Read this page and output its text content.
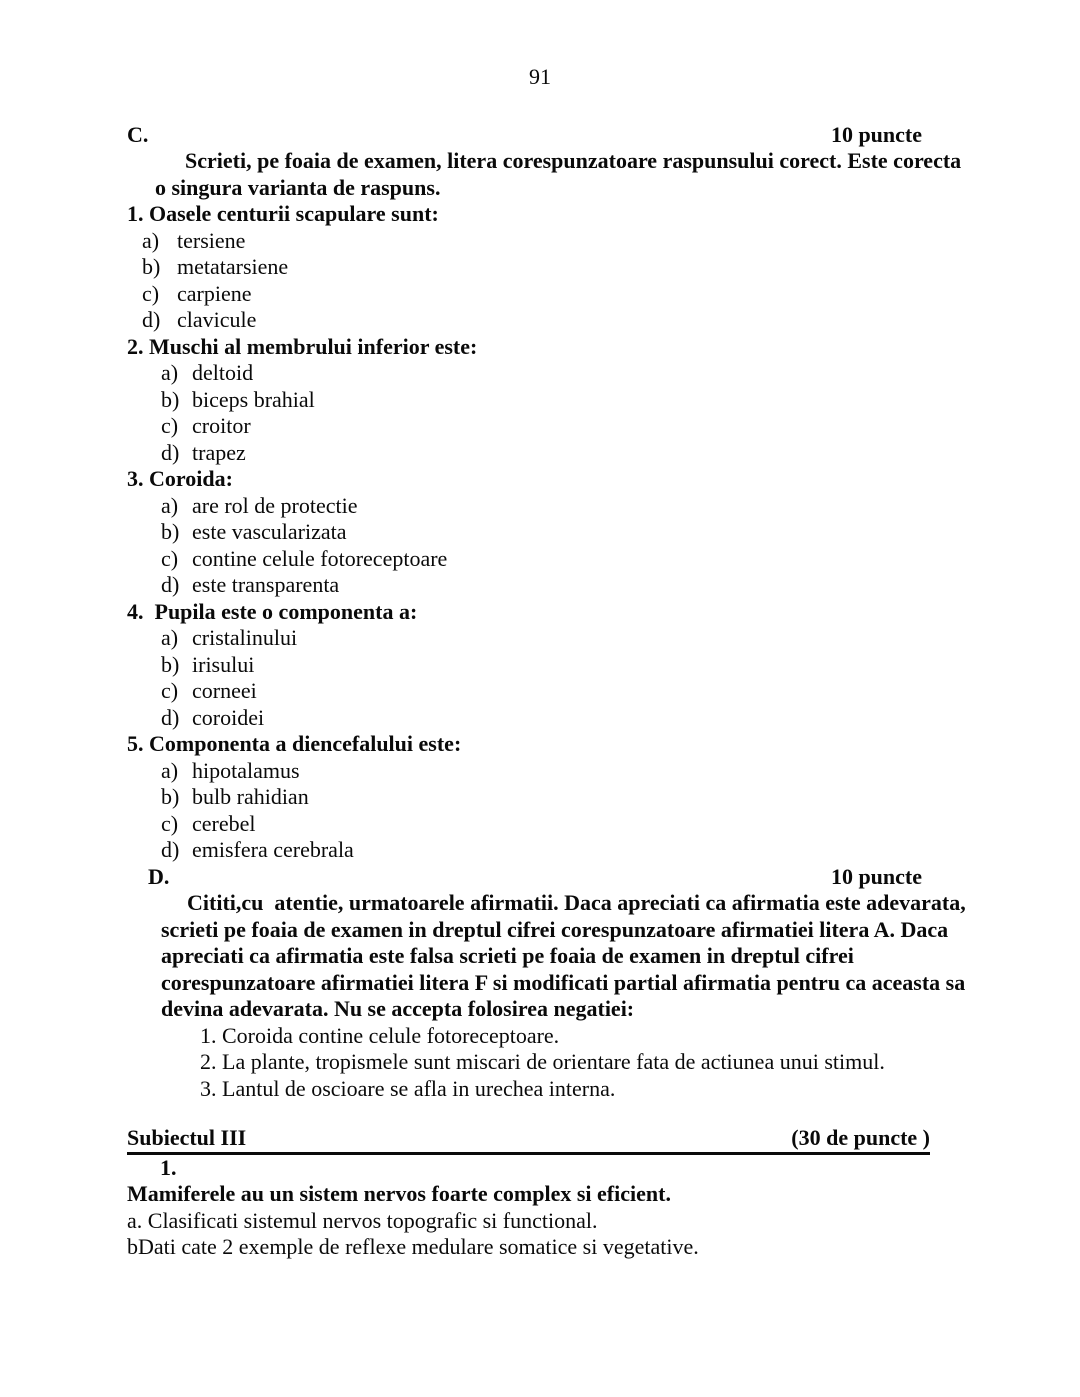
91
C.	10 puncte
Scrieti, pe foaia de examen, litera corespunzatoare raspunsului corect. Este corecta
o singura varianta de raspuns.
1. Oasele centurii scapulare sunt:
a) tersiene
b) metatarsiene
c) carpiene
d) clavicule
2. Muschi al membrului inferior este:
a) deltoid
b) biceps brahial
c) croitor
d) trapez
3. Coroida:
a) are rol de protectie
b) este vascularizata
c) contine celule fotoreceptoare
d) este transparenta
4.  Pupila este o componenta a:
a) cristalinului
b) irisului
c) corneei
d) coroidei
5. Componenta a diencefalului este:
a) hipotalamus
b) bulb rahidian
c) cerebel
d) emisfera cerebrala
D.	10 puncte
Cititi,cu  atentie, urmatoarele afirmatii. Daca apreciati ca afirmatia este adevarata,
scrieti pe foaia de examen in dreptul cifrei corespunzatoare afirmatiei litera A. Daca
apreciati ca afirmatia este falsa scrieti pe foaia de examen in dreptul cifrei
corespunzatoare afirmatiei litera F si modificati partial afirmatia pentru ca aceasta sa
devina adevarata. Nu se accepta folosirea negatiei:
1. Coroida contine celule fotoreceptoare.
2. La plante, tropismele sunt miscari de orientare fata de actiunea unui stimul.
3. Lantul de oscioare se afla in urechea interna.
Subiectul III	(30 de puncte )
1.
Mamiferele au un sistem nervos foarte complex si eficient.
a. Clasificati sistemul nervos topografic si functional.
bDati cate 2 exemple de reflexe medulare somatice si vegetative.
